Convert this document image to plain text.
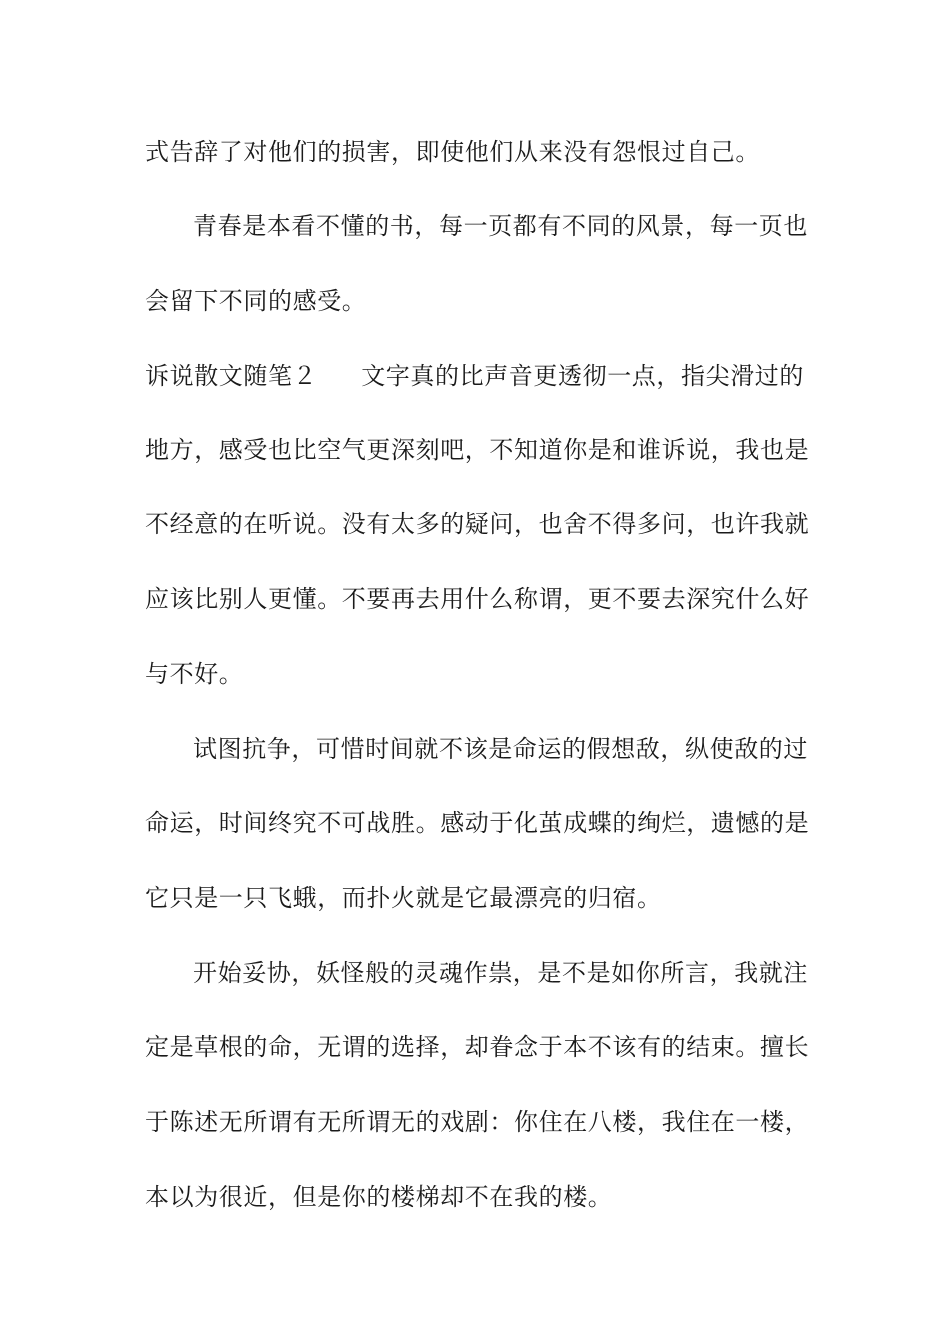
式告辞了对他们的损害，即使他们从来没有怨恨过自己。
青春是本看不懂的书，每一页都有不同的风景，每一页也
会留下不同的感受。
诉说散文随笔２ 文字真的比声音更透彻一点，指尖滑过的
地方，感受也比空气更深刻吧，不知道你是和谁诉说，我也是
不经意的在听说。没有太多的疑问，也舍不得多问，也许我就
应该比别人更懂。不要再去用什么称谓，更不要去深究什么好
与不好。
试图抗争，可惜时间就不该是命运的假想敌，纵使敌的过
命运，时间终究不可战胜。感动于化茧成蝶的绚烂，遗憾的是
它只是一只飞蛾，而扑火就是它最漂亮的归宿。
开始妥协，妖怪般的灵魂作祟，是不是如你所言，我就注
定是草根的命，无谓的选择，却眷念于本不该有的结束。擅长
于陈述无所谓有无所谓无的戏剧：你住在八楼，我住在一楼，
本以为很近，但是你的楼梯却不在我的楼。
